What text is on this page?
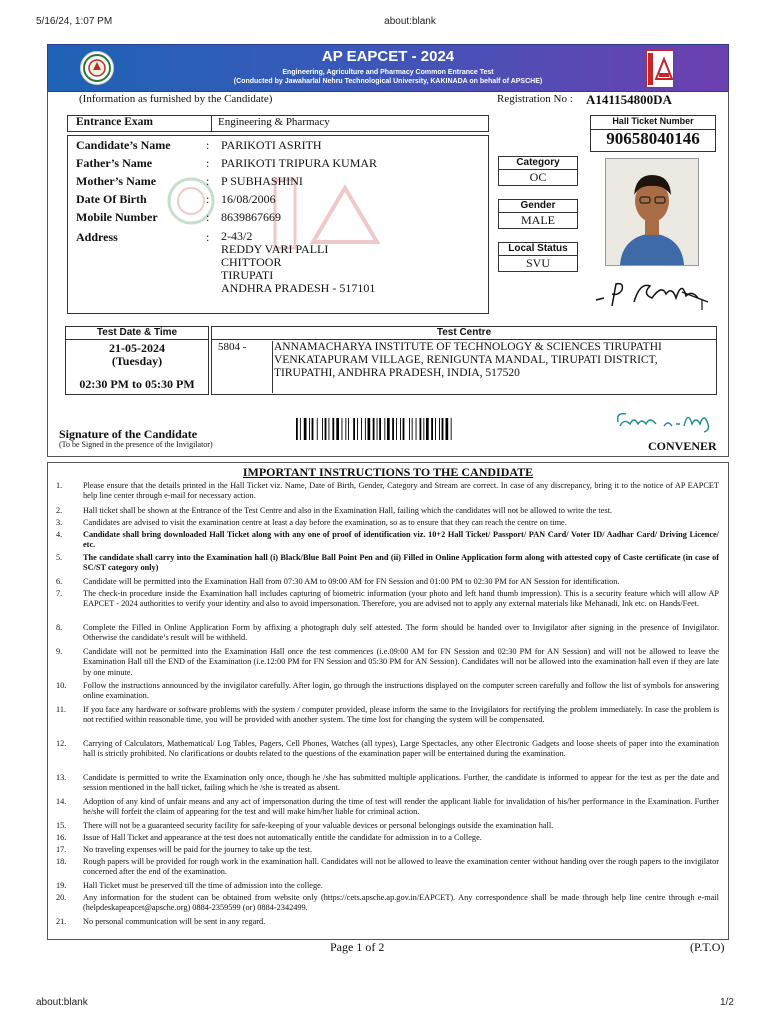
5/16/24, 1:07 PM	about:blank
AP EAPCET - 2024
Engineering, Agriculture and Pharmacy Common Entrance Test
(Conducted by Jawaharlal Nehru Technological University, KAKINADA on behalf of APSCHE)
(Information as furnished by the Candidate)	Registration No : A141154800DA
Entrance Exam	Engineering & Pharmacy	Hall Ticket Number
90658040146
Candidate’s Name	: PARIKOTI ASRITH
Father’s Name	: PARIKOTI TRIPURA KUMAR
Mother’s Name	: P SUBHASHINI
Date Of Birth	: 16/08/2006
Mobile Number	: 8639867669
Address	: 2-43/2
REDDY VARI PALLI
CHITTOOR
TIRUPATI
ANDHRA PRADESH - 517101
Category
OC
Gender
MALE
Local Status
SVU
Test Date & Time
21-05-2024
(Tuesday)
02:30 PM to 05:30 PM
Test Centre
5804 - ANNAMACHARYA INSTITUTE OF TECHNOLOGY & SCIENCES TIRUPATHI
VENKATAPURAM VILLAGE, RENIGUNTA MANDAL, TIRUPATI DISTRICT,
TIRUPATHI, ANDHRA PRADESH, INDIA, 517520
Signature of the Candidate
(To be Signed in the presence of the Invigilator)	CONVENER
IMPORTANT INSTRUCTIONS TO THE CANDIDATE
1.	Please ensure that the details printed in the Hall Ticket viz. Name, Date of Birth, Gender, Category and Stream are correct. In case of any discrepancy, bring it to the notice of AP EAPCET help line center through e-mail for necessary action.
2.	Hall ticket shall be shown at the Entrance of the Test Centre and also in the Examination Hall, failing which the candidates will not be allowed to write the test.
3.	Candidates are advised to visit the examination centre at least a day before the examination, so as to ensure that they can reach the centre on time.
4.	Candidate shall bring downloaded Hall Ticket along with any one of proof of identification viz. 10+2 Hall Ticket/ Passport/ PAN Card/ Voter ID/ Aadhar Card/ Driving Licence/ etc.
5.	The candidate shall carry into the Examination hall (i) Black/Blue Ball Point Pen and (ii) Filled in Online Application form along with attested copy of Caste certificate (in case of SC/ST category only)
6.	Candidate will be permitted into the Examination Hall from 07:30 AM to 09:00 AM for FN Session and 01:00 PM to 02:30 PM for AN Session for identification.
7.	The check-in procedure inside the Examination hall includes capturing of biometric information (your photo and left hand thumb impression). This is a security feature which will allow AP EAPCET - 2024 authorities to verify your identity and also to avoid impersonation. Therefore, you are advised not to apply any external materials like Mehanadi, Ink etc. on Hands/Feet.
8.	Complete the Filled in Online Application Form by affixing a photograph duly self attested. The form should be handed over to Invigilator after signing in the presence of Invigilator. Otherwise the candidate’s result will be withheld.
9.	Candidate will not be permitted into the Examination Hall once the test commences (i.e.09:00 AM for FN Session and 02:30 PM for AN Session) and will not be allowed to leave the Examination Hall till the END of the Examination (i.e.12:00 PM for FN Session and 05:30 PM for AN Session). Candidates will not be allowed into the examination hall even if they are late by one minute.
10.	Follow the instructions announced by the invigilator carefully. After login, go through the instructions displayed on the computer screen carefully and follow the list of symbols for answering online examination.
11.	If you face any hardware or software problems with the system / computer provided, please inform the same to the Invigilators for rectifying the problem immediately. In case the problem is not rectified within reasonable time, you will be provided with another system. The time lost for changing the system will be compensated.
12.	Carrying of Calculators, Mathematical/ Log Tables, Pagers, Cell Phones, Watches (all types), Large Spectacles, any other Electronic Gadgets and loose sheets of paper into the examination hall is strictly prohibited. No clarifications or doubts related to the questions of the examination paper will be entertained during the examination.
13.	Candidate is permitted to write the Examination only once, though he /she has submitted multiple applications. Further, the candidate is informed to appear for the test as per the date and session mentioned in the hall ticket, failing which he /she is treated as absent.
14.	Adoption of any kind of unfair means and any act of impersonation during the time of test will render the applicant liable for invalidation of his/her performance in the Examination. Further he/she will forfeit the claim of appearing for the test and will make him/her liable for criminal action.
15.	There will not be a guaranteed security facility for safe-keeping of your valuable devices or personal belongings outside the examination hall.
16.	Issue of Hall Ticket and appearance at the test does not automatically entitle the candidate for admission in to a College.
17.	No traveling expenses will be paid for the journey to take up the test.
18.	Rough papers will be provided for rough work in the examination hall. Candidates will not be allowed to leave the examination center without handing over the rough papers to the invigilator concerned after the end of the examination.
19.	Hall Ticket must be preserved till the time of admission into the college.
20.	Any information for the student can be obtained from website only (https://cets.apsche.ap.gov.in/EAPCET). Any correspondence shall be made through help line centre through e-mail (helpdeskapeapcet@apsche.org) 0884-2359599 (or) 0884-2342499.
21.	No personal communication will be sent in any regard.
Page 1 of 2	(P.T.O)
about:blank	1/2
